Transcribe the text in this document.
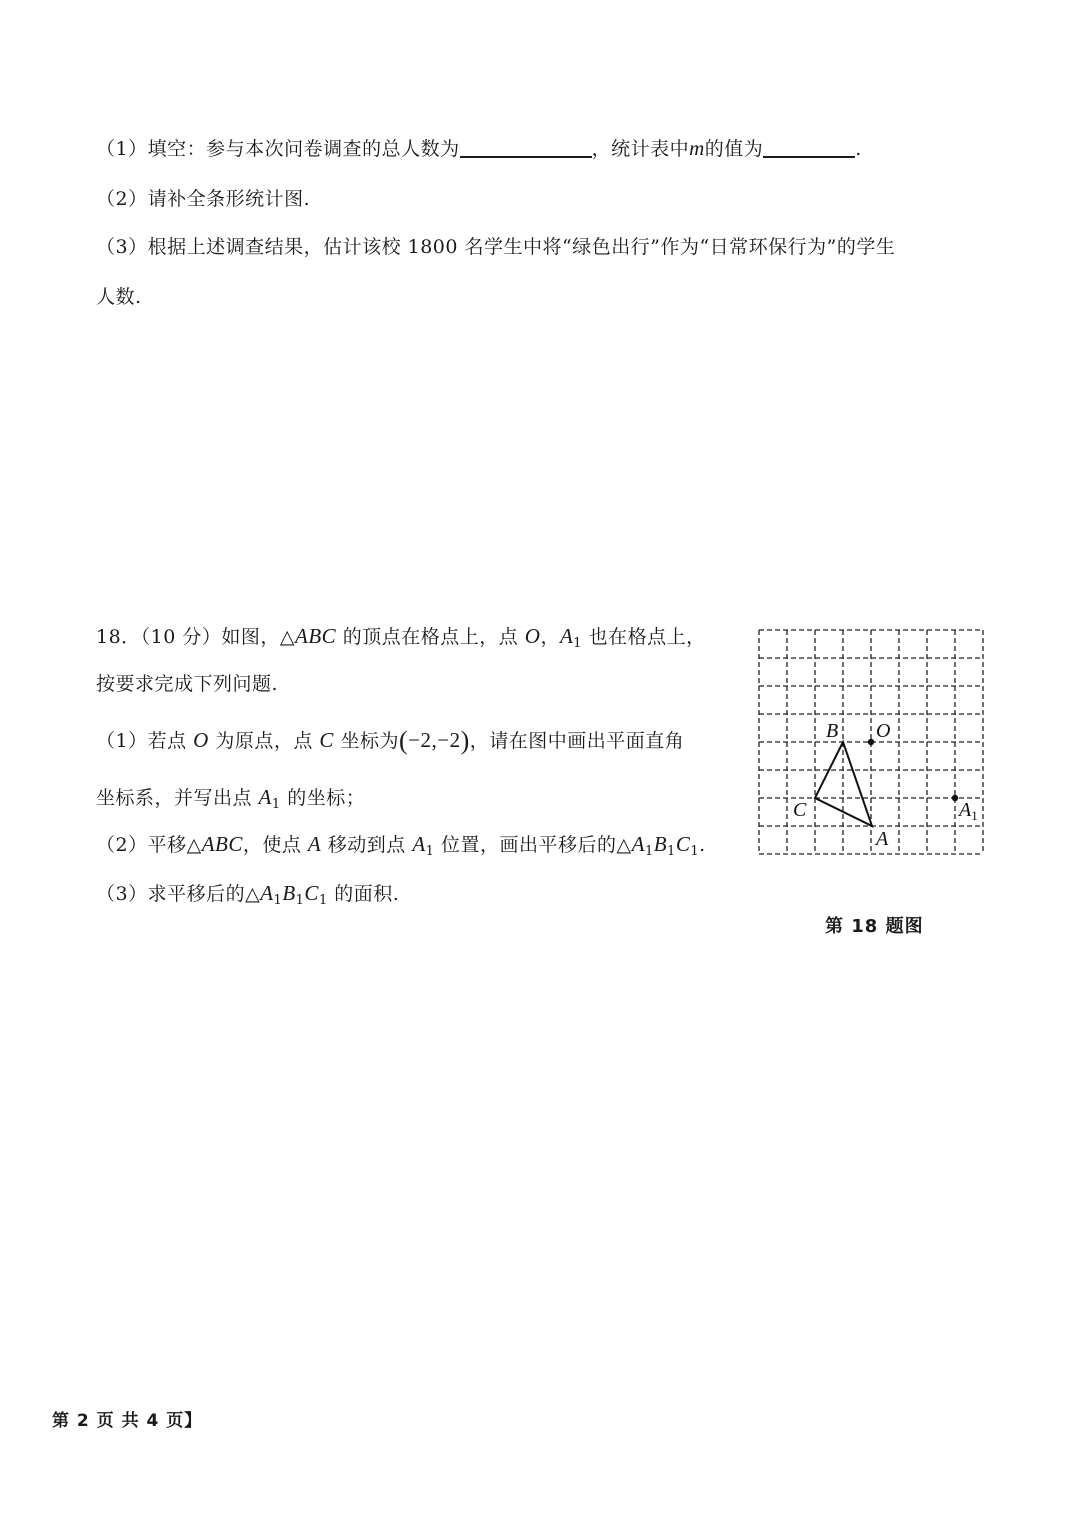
（1）填空：参与本次问卷调查的总人数为	，统计表中m的值为	.
（2）请补全条形统计图.
（3）根据上述调查结果，估计该校 1800 名学生中将“绿色出行”作为“日常环保行为”的学生
人数.
18．（10 分）如图，△ABC 的顶点在格点上，点 O，$A_1$ 也在格点上，
按要求完成下列问题.
（1）若点 O 为原点，点 C 坐标为(−2,−2)，请在图中画出平面直角
坐标系，并写出点 $A_1$ 的坐标；
（2）平移△ABC，使点 A 移动到点 $A_1$ 位置，画出平移后的$\triangle A_1B_1C_1$.
（3）求平移后的$\triangle A_1B_1C_1$ 的面积.
B O
C
A
$A_1$
第 18 题图
第 2 页 共 4 页】
